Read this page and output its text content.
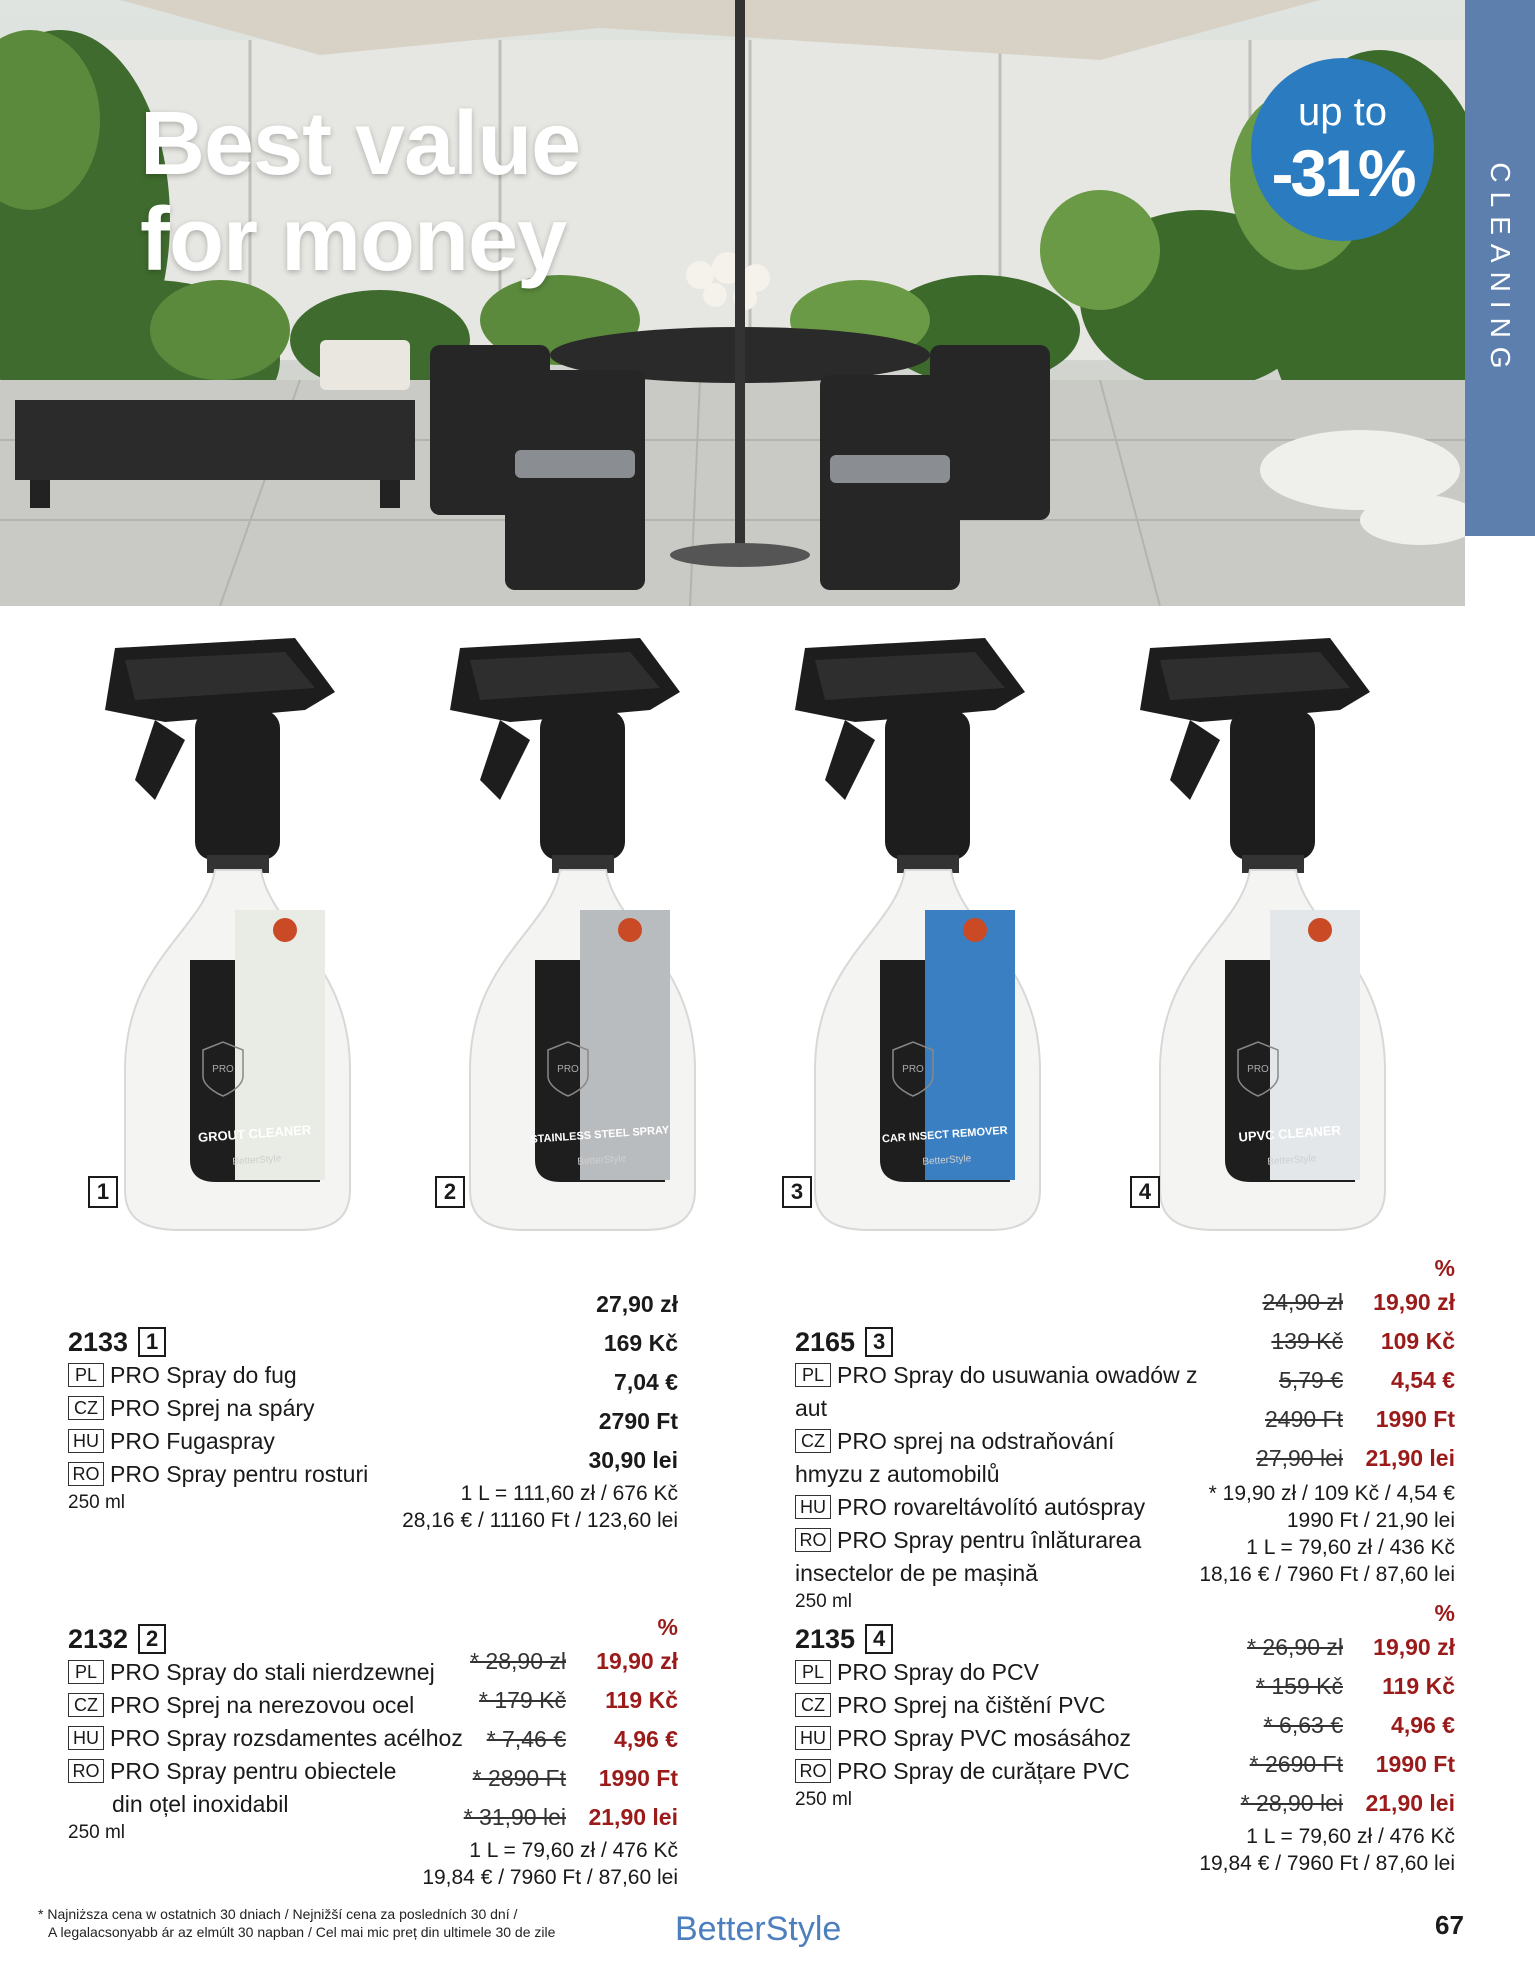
Best value
for money
up to
-31%	CLEANING
GROUT CLEANER
BetterStyle
PRO
1
STAINLESS STEEL SPRAY
BetterStyle
PRO
2
CAR INSECT REMOVER
BetterStyle
PRO
3
UPVC CLEANER
BetterStyle
PRO
4
2133 1
PL PRO Spray do fug
CZ PRO Sprej na spáry
HU PRO Fugaspray
RO PRO Spray pentru rosturi
250 ml
27,90 zł
169 Kč
7,04 €
2790 Ft
30,90 lei
1 L = 111,60 zł / 676 Kč
28,16 € / 11160 Ft / 123,60 lei
2165 3
PL PRO Spray do usuwania owadów z aut
CZ PRO sprej na odstraňování
hmyzu z automobilů
HU PRO rovareltávolító autóspray
RO PRO Spray pentru înlăturarea
insectelor de pe mașină
250 ml
%
24,90 zł 19,90 zł
139 Kč 109 Kč
5,79 € 4,54 €
2490 Ft 1990 Ft
27,90 lei 21,90 lei
* 19,90 zł / 109 Kč / 4,54 €
1990 Ft / 21,90 lei
1 L = 79,60 zł / 436 Kč
18,16 € / 7960 Ft / 87,60 lei
2132 2
PL PRO Spray do stali nierdzewnej
CZ PRO Sprej na nerezovou ocel
HU PRO Spray rozsdamentes acélhoz
RO PRO Spray pentru obiectele
din oțel inoxidabil
250 ml
%
* 28,90 zł 19,90 zł
* 179 Kč 119 Kč
* 7,46 € 4,96 €
* 2890 Ft 1990 Ft
* 31,90 lei 21,90 lei
1 L = 79,60 zł / 476 Kč
19,84 € / 7960 Ft / 87,60 lei
2135 4
PL PRO Spray do PCV
CZ PRO Sprej na čištění PVC
HU PRO Spray PVC mosásához
RO PRO Spray de curățare PVC
250 ml
%
* 26,90 zł 19,90 zł
* 159 Kč 119 Kč
* 6,63 € 4,96 €
* 2690 Ft 1990 Ft
* 28,90 lei 21,90 lei
1 L = 79,60 zł / 476 Kč
19,84 € / 7960 Ft / 87,60 lei
* Najniższa cena w ostatnich 30 dniach / Nejnižší cena za posledních 30 dní /
A legalacsonyabb ár az elmúlt 30 napban / Cel mai mic preț din ultimele 30 de zile	BetterStyle	67
